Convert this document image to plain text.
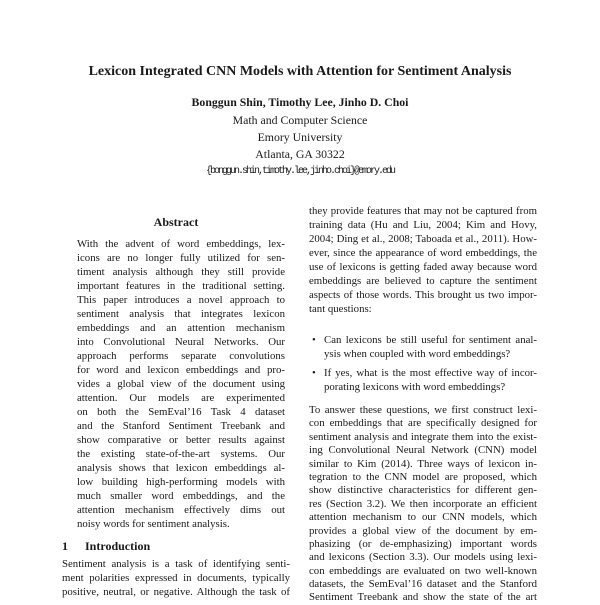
Lexicon Integrated CNN Models with Attention for Sentiment Analysis
Bonggun Shin, Timothy Lee, Jinho D. Choi
Math and Computer Science
Emory University
Atlanta, GA 30322
{bonggun.shin,timothy.lee,jinho.choi}@emory.edu
Abstract
With the advent of word embeddings, lex-
icons are no longer fully utilized for sen-
timent analysis although they still provide
important features in the traditional setting.
This paper introduces a novel approach to
sentiment analysis that integrates lexicon
embeddings and an attention mechanism
into Convolutional Neural Networks. Our
approach performs separate convolutions
for word and lexicon embeddings and pro-
vides a global view of the document using
attention. Our models are experimented
on both the SemEval’16 Task 4 dataset
and the Stanford Sentiment Treebank and
show comparative or better results against
the existing state-of-the-art systems. Our
analysis shows that lexicon embeddings al-
low building high-performing models with
much smaller word embeddings, and the
attention mechanism effectively dims out
noisy words for sentiment analysis.
1 Introduction
Sentiment analysis is a task of identifying senti-
ment polarities expressed in documents, typically
positive, neutral, or negative. Although the task of
they provide features that may not be captured from
training data (Hu and Liu, 2004; Kim and Hovy,
2004; Ding et al., 2008; Taboada et al., 2011). How-
ever, since the appearance of word embeddings, the
use of lexicons is getting faded away because word
embeddings are believed to capture the sentiment
aspects of those words. This brought us two impor-
tant questions:
• Can lexicons be still useful for sentiment anal-
ysis when coupled with word embeddings?
• If yes, what is the most effective way of incor-
porating lexicons with word embeddings?
To answer these questions, we first construct lexi-
con embeddings that are specifically designed for
sentiment analysis and integrate them into the exist-
ing Convolutional Neural Network (CNN) model
similar to Kim (2014). Three ways of lexicon in-
tegration to the CNN model are proposed, which
show distinctive characteristics for different gen-
res (Section 3.2). We then incorporate an efficient
attention mechanism to our CNN models, which
provides a global view of the document by em-
phasizing (or de-emphasizing) important words
and lexicons (Section 3.3). Our models using lexi-
con embeddings are evaluated on two well-known
datasets, the SemEval’16 dataset and the Stanford
Sentiment Treebank and show the state of the art
